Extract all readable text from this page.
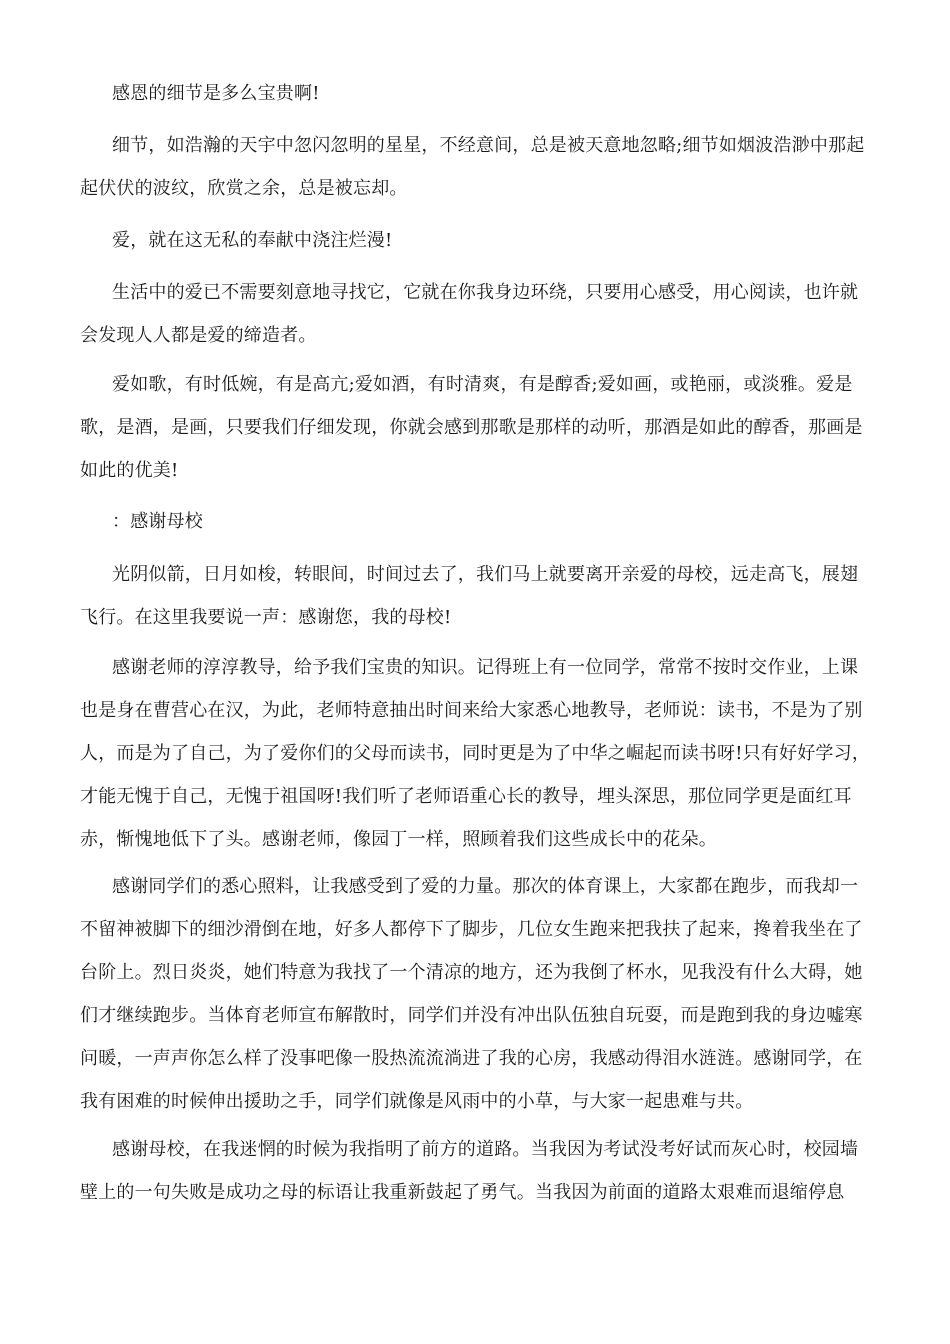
感恩的细节是多么宝贵啊!

细节，如浩瀚的天宇中忽闪忽明的星星，不经意间，总是被天意地忽略;细节如烟波浩渺中那起
起伏伏的波纹，欣赏之余，总是被忘却。

爱，就在这无私的奉献中浇注烂漫!

生活中的爱已不需要刻意地寻找它，它就在你我身边环绕，只要用心感受，用心阅读，也许就
会发现人人都是爱的缔造者。

爱如歌，有时低婉，有是高亢;爱如酒，有时清爽，有是醇香;爱如画，或艳丽，或淡雅。爱是
歌，是酒，是画，只要我们仔细发现，你就会感到那歌是那样的动听，那酒是如此的醇香，那画是
如此的优美!

：感谢母校

光阴似箭，日月如梭，转眼间，时间过去了，我们马上就要离开亲爱的母校，远走高飞，展翅
飞行。在这里我要说一声：感谢您，我的母校!

感谢老师的淳淳教导，给予我们宝贵的知识。记得班上有一位同学，常常不按时交作业，上课
也是身在曹营心在汉，为此，老师特意抽出时间来给大家悉心地教导，老师说：读书，不是为了别
人，而是为了自己，为了爱你们的父母而读书，同时更是为了中华之崛起而读书呀!只有好好学习，
才能无愧于自己，无愧于祖国呀!我们听了老师语重心长的教导，埋头深思，那位同学更是面红耳
赤，惭愧地低下了头。感谢老师，像园丁一样，照顾着我们这些成长中的花朵。

感谢同学们的悉心照料，让我感受到了爱的力量。那次的体育课上，大家都在跑步，而我却一
不留神被脚下的细沙滑倒在地，好多人都停下了脚步，几位女生跑来把我扶了起来，搀着我坐在了
台阶上。烈日炎炎，她们特意为我找了一个清凉的地方，还为我倒了杯水，见我没有什么大碍，她
们才继续跑步。当体育老师宣布解散时，同学们并没有冲出队伍独自玩耍，而是跑到我的身边嘘寒
问暖，一声声你怎么样了没事吧像一股热流流淌进了我的心房，我感动得泪水涟涟。感谢同学，在
我有困难的时候伸出援助之手，同学们就像是风雨中的小草，与大家一起患难与共。

感谢母校，在我迷惘的时候为我指明了前方的道路。当我因为考试没考好试而灰心时，校园墙
壁上的一句失败是成功之母的标语让我重新鼓起了勇气。当我因为前面的道路太艰难而退缩停息
